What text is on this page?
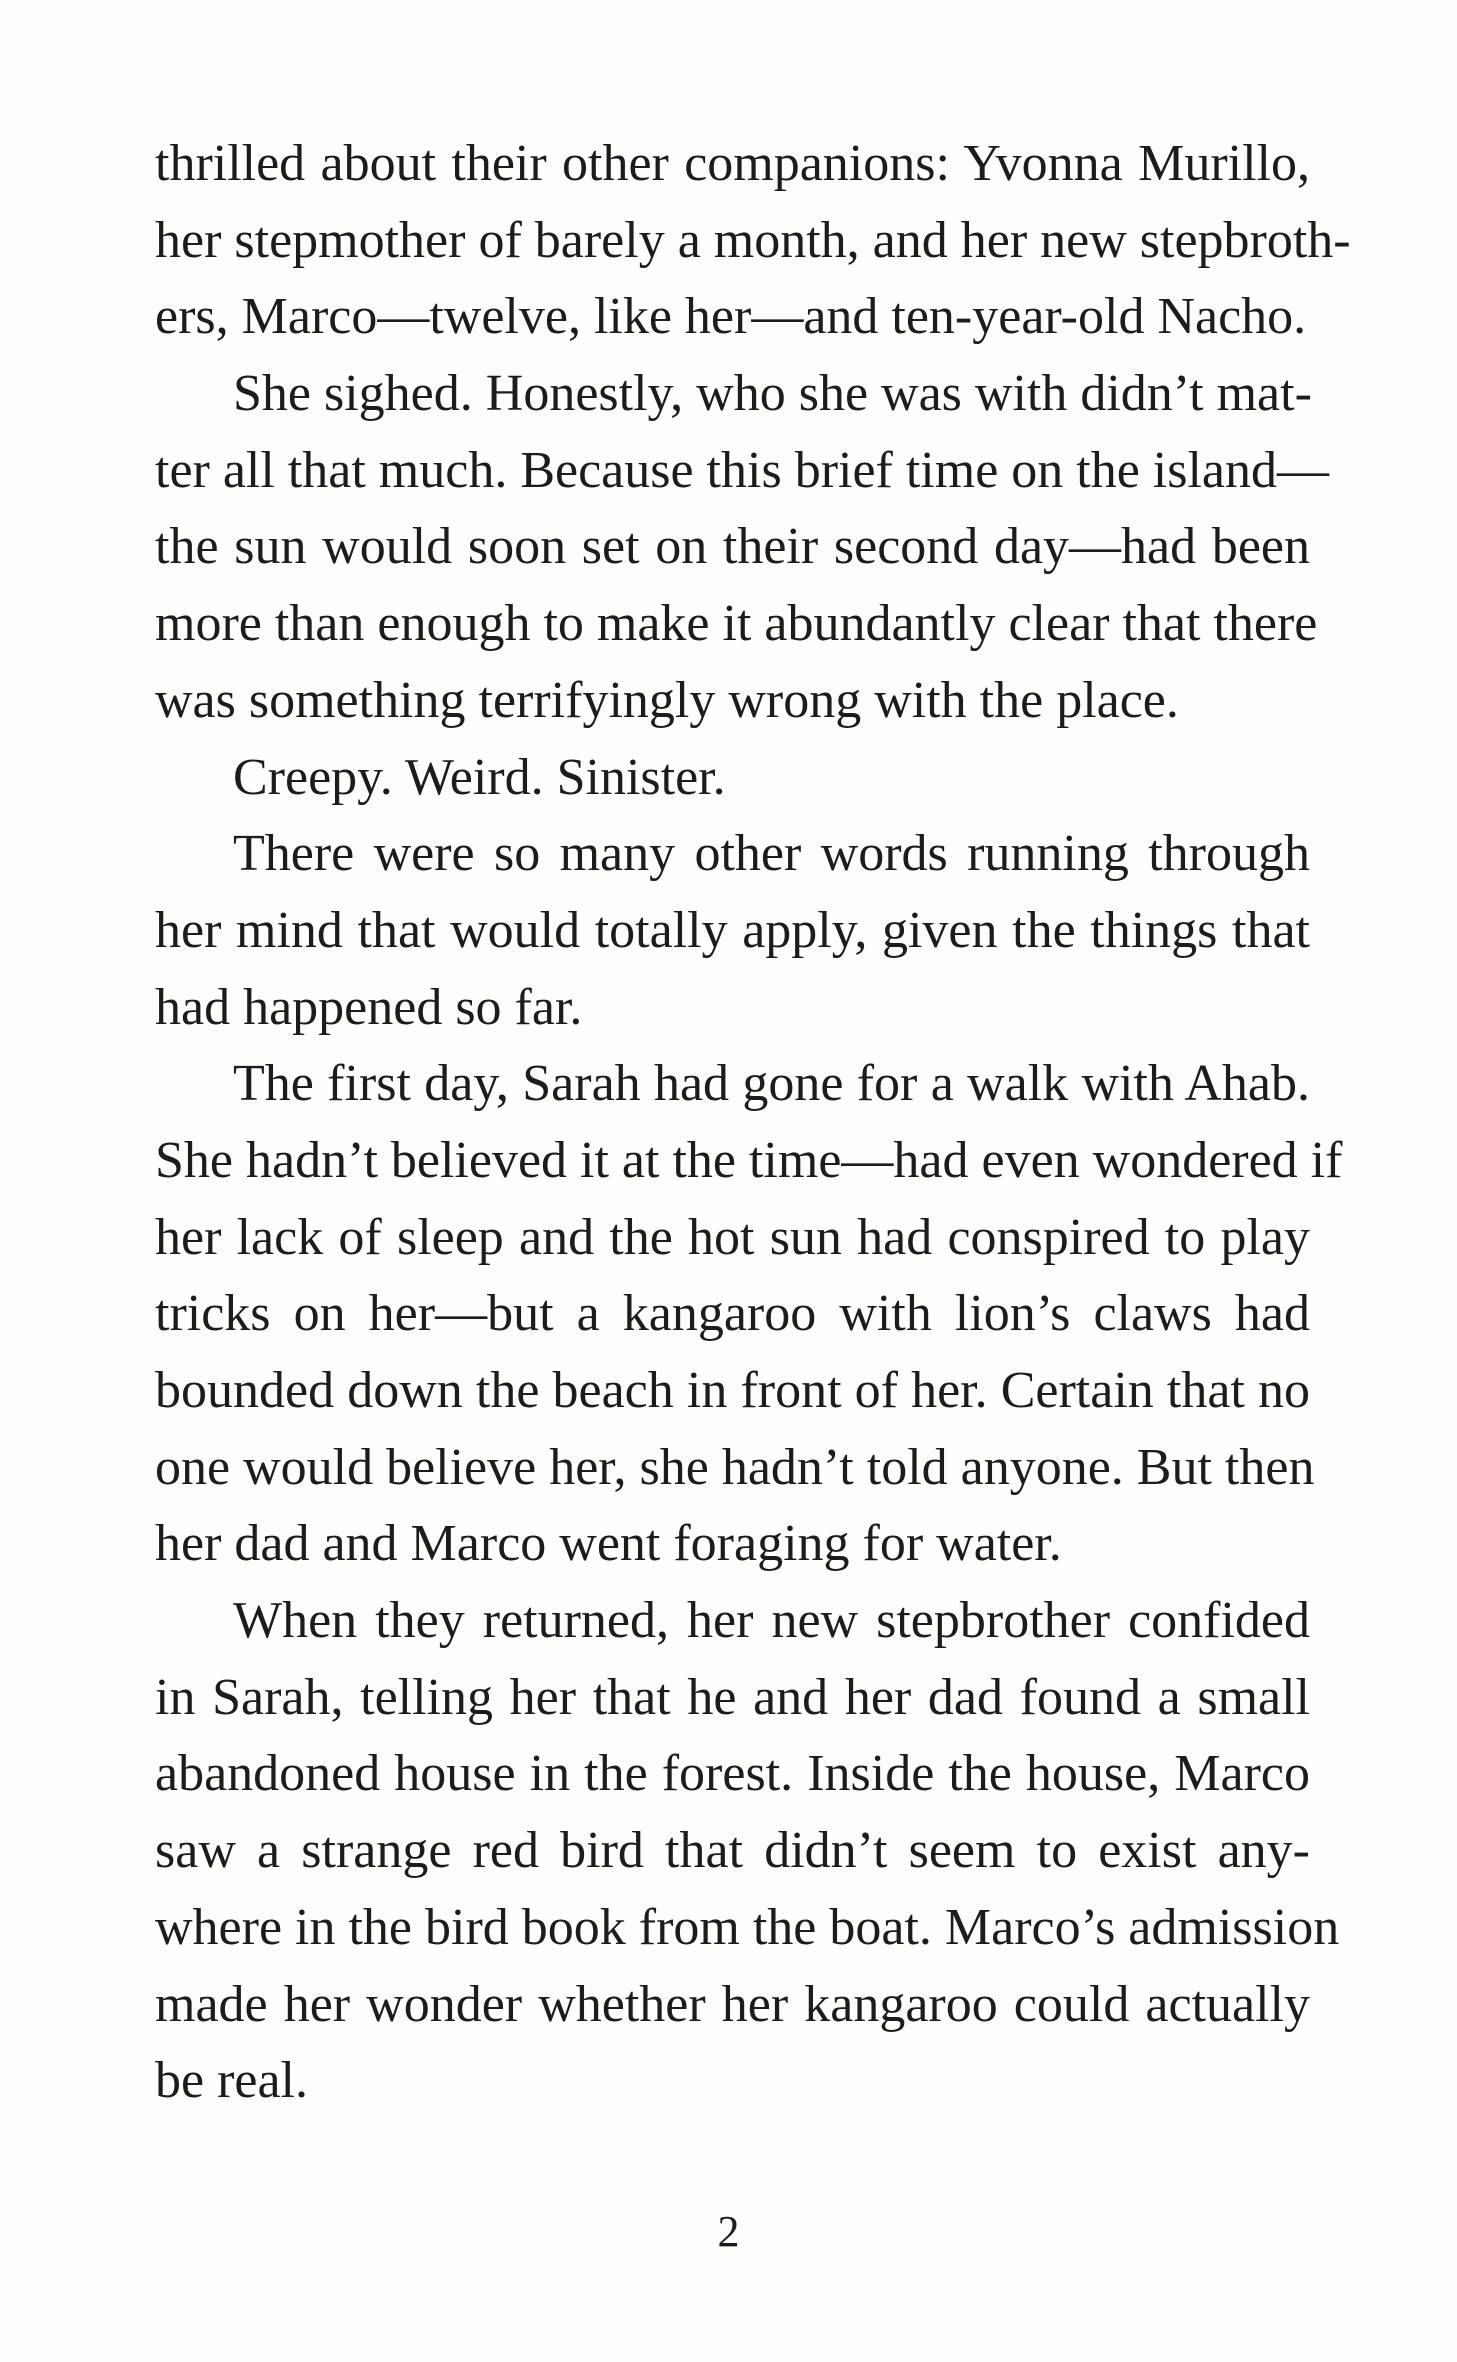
thrilled about their other companions: Yvonna Murillo,
her stepmother of barely a month, and her new stepbroth-
ers, Marco—twelve, like her—and ten-year-old Nacho.
She sighed. Honestly, who she was with didn’t mat-
ter all that much. Because this brief time on the island—
the sun would soon set on their second day—had been
more than enough to make it abundantly clear that there
was something terrifyingly wrong with the place.
Creepy. Weird. Sinister.
There were so many other words running through
her mind that would totally apply, given the things that
had happened so far.
The first day, Sarah had gone for a walk with Ahab.
She hadn’t believed it at the time—had even wondered if
her lack of sleep and the hot sun had conspired to play
tricks on her—but a kangaroo with lion’s claws had
bounded down the beach in front of her. Certain that no
one would believe her, she hadn’t told anyone. But then
her dad and Marco went foraging for water.
When they returned, her new stepbrother confided
in Sarah, telling her that he and her dad found a small
abandoned house in the forest. Inside the house, Marco
saw a strange red bird that didn’t seem to exist any-
where in the bird book from the boat. Marco’s admission
made her wonder whether her kangaroo could actually
be real.
2
